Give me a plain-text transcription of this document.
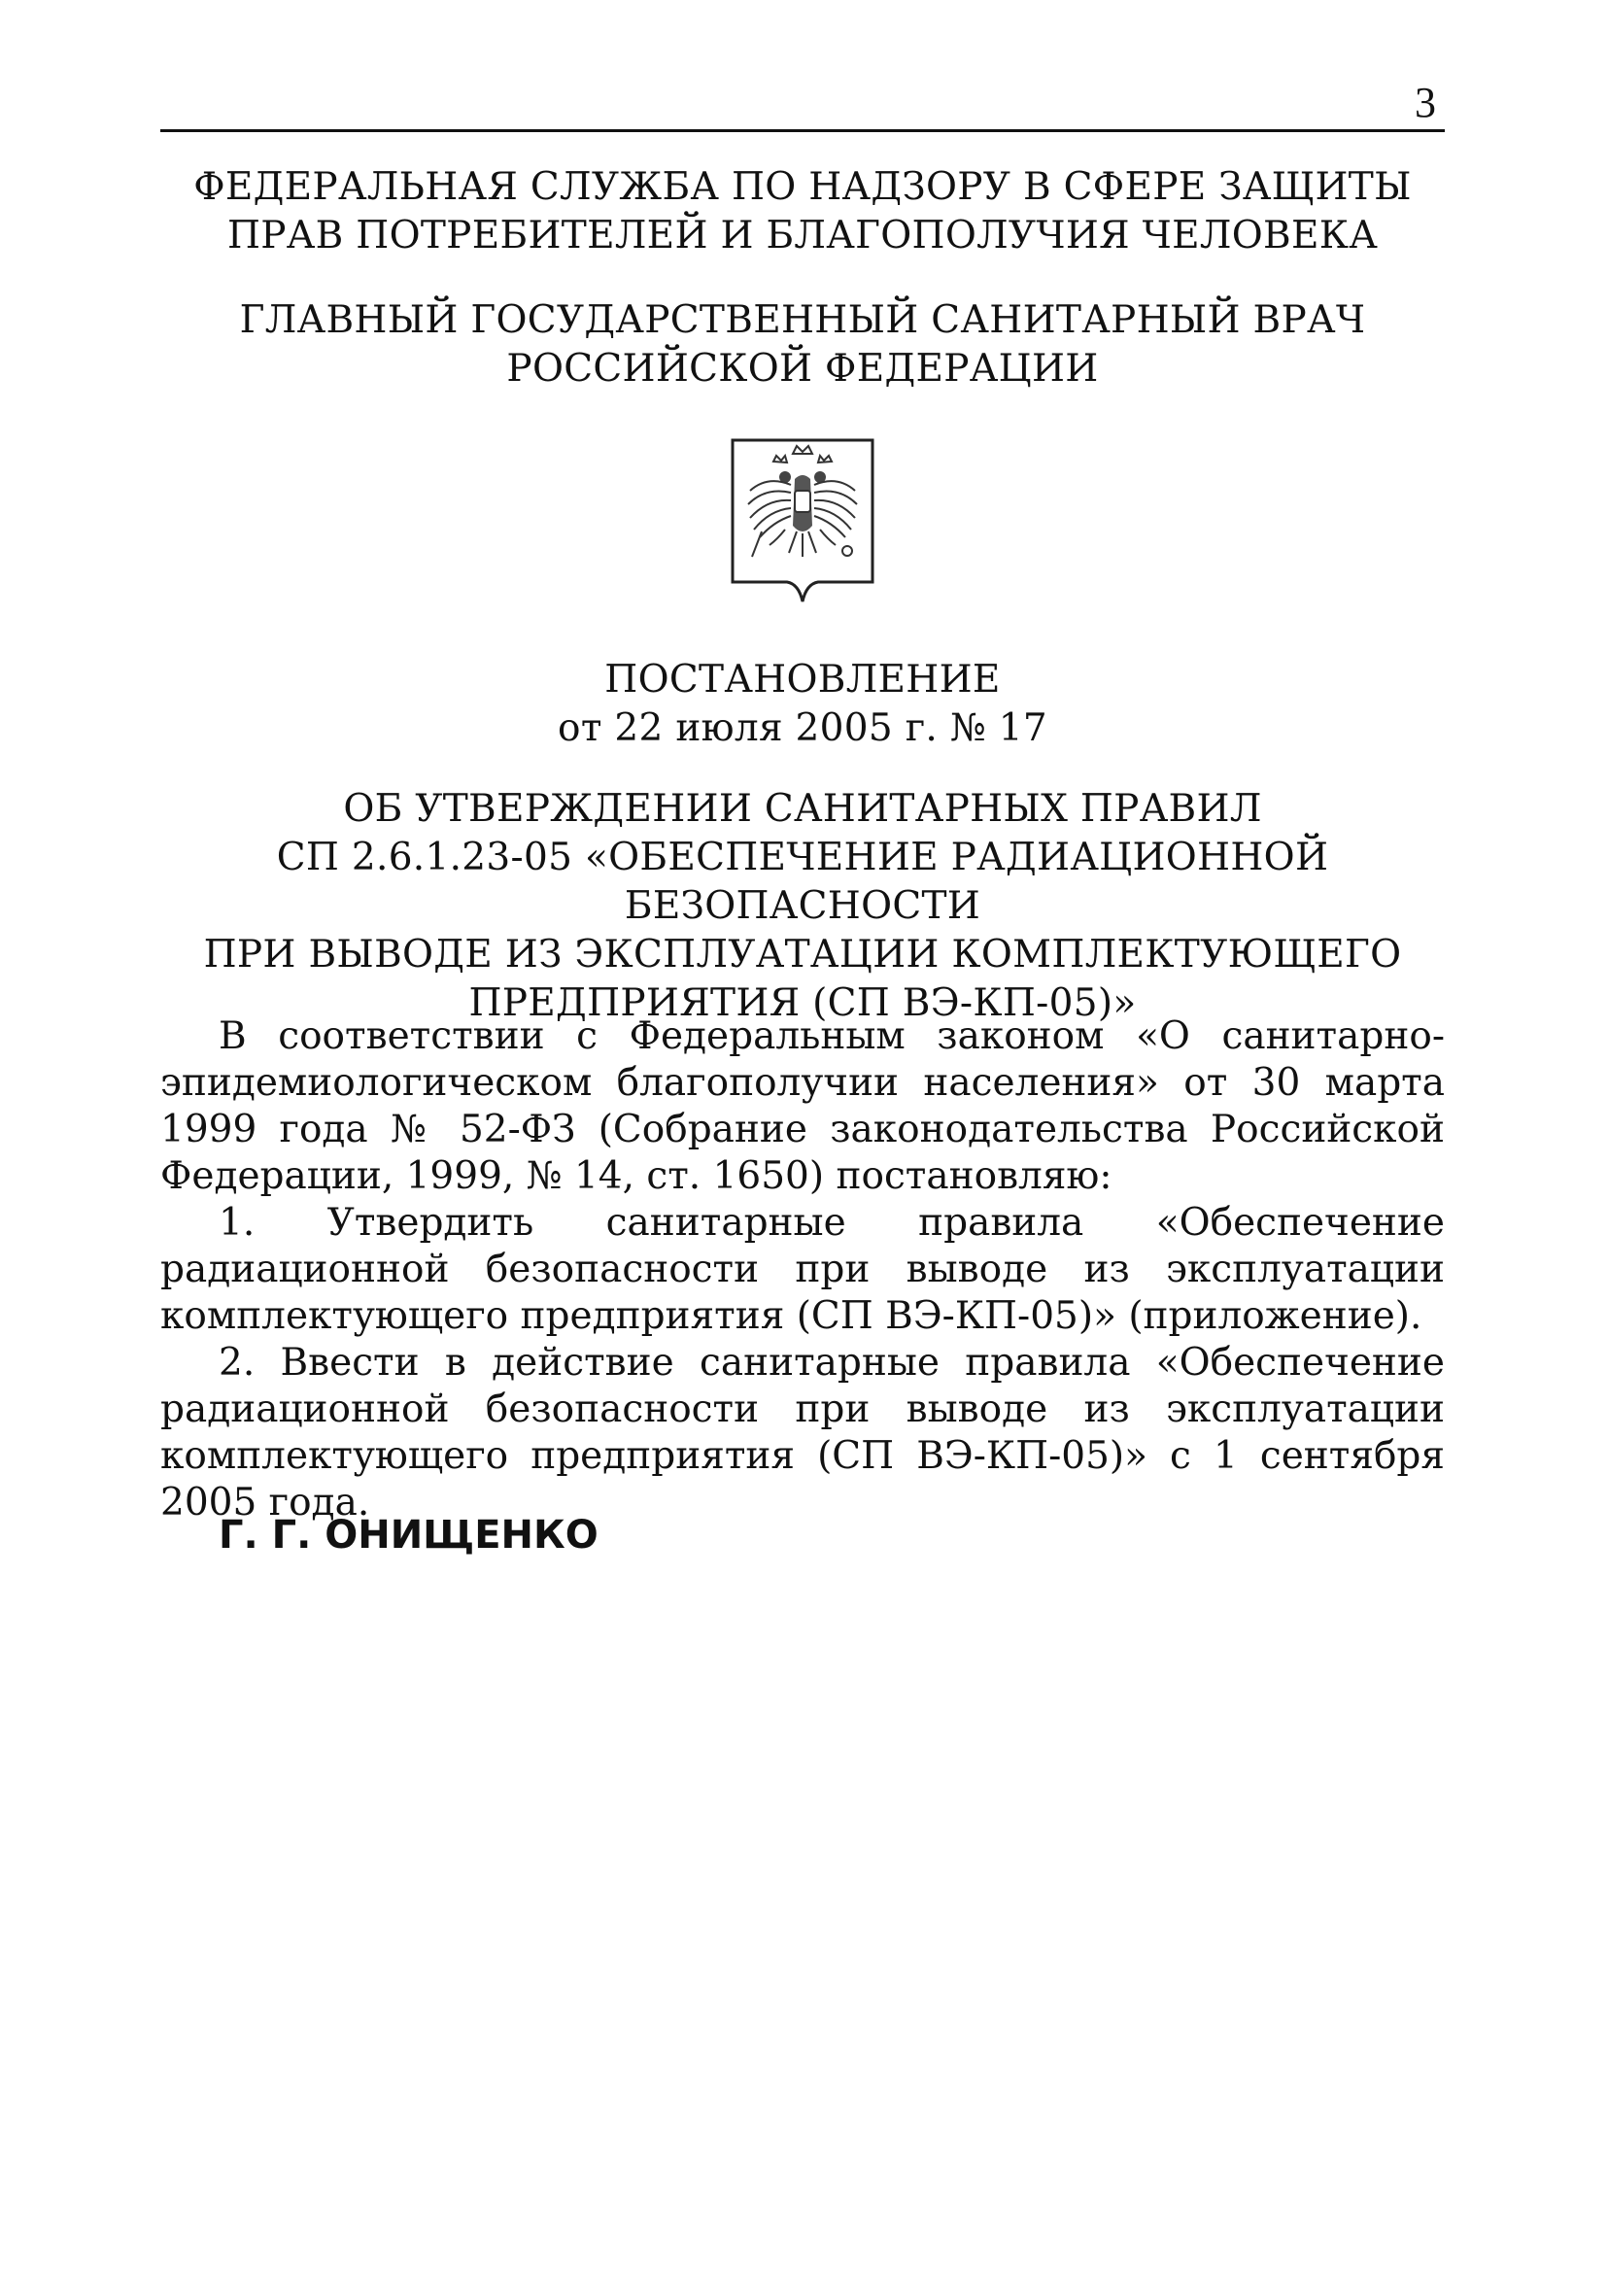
3
ФЕДЕРАЛЬНАЯ СЛУЖБА ПО НАДЗОРУ В СФЕРЕ ЗАЩИТЫ
ПРАВ ПОТРЕБИТЕЛЕЙ И БЛАГОПОЛУЧИЯ ЧЕЛОВЕКА
ГЛАВНЫЙ ГОСУДАРСТВЕННЫЙ САНИТАРНЫЙ ВРАЧ
РОССИЙСКОЙ ФЕДЕРАЦИИ
ПОСТАНОВЛЕНИЕ
от 22 июля 2005 г. № 17
ОБ УТВЕРЖДЕНИИ САНИТАРНЫХ ПРАВИЛ
СП 2.6.1.23-05 «ОБЕСПЕЧЕНИЕ РАДИАЦИОННОЙ БЕЗОПАСНОСТИ
ПРИ ВЫВОДЕ ИЗ ЭКСПЛУАТАЦИИ КОМПЛЕКТУЮЩЕГО
ПРЕДПРИЯТИЯ (СП ВЭ-КП-05)»

В соответствии с Федеральным законом «О санитарно-эпидемиологическом благополучии населения» от 30 марта 1999 года № 52-ФЗ (Собрание законодательства Российской Федерации, 1999, № 14, ст. 1650) постановляю:

1. Утвердить санитарные правила «Обеспечение радиационной безопасности при выводе из эксплуатации комплектующего предприятия (СП ВЭ-КП-05)» (приложение).

2. Ввести в действие санитарные правила «Обеспечение радиационной безопасности при выводе из эксплуатации комплектующего предприятия (СП ВЭ-КП-05)» с 1 сентября 2005 года.

Г. Г. ОНИЩЕНКО
